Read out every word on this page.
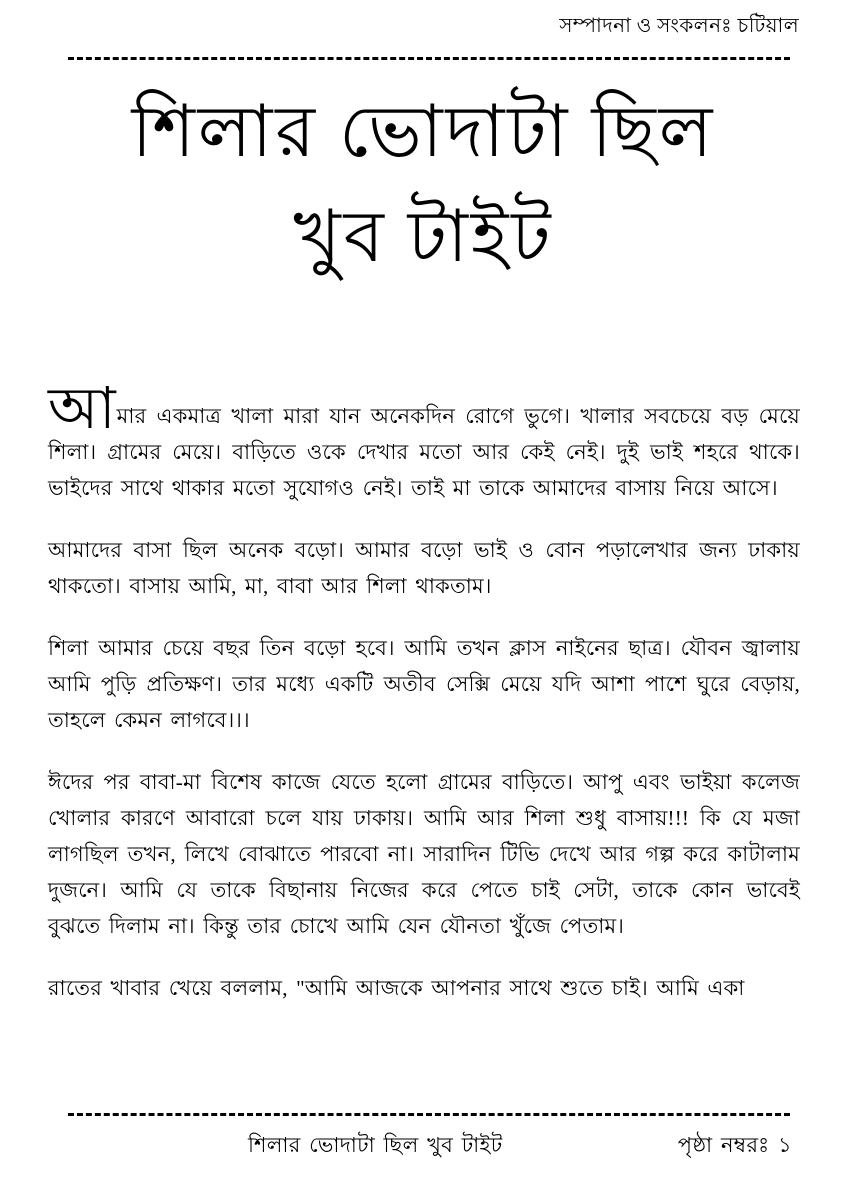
সম্পাদনা ও সংকলনঃ চটিয়াল
শিলার ভোদাটা ছিল
খুব টাইট

আমার একমাত্র খালা মারা যান অনেকদিন রোগে ভুগে। খালার সবচেয়ে বড় মেয়ে শিলা। গ্রামের মেয়ে। বাড়িতে ওকে দেখার মতো আর কেই নেই। দুই ভাই শহরে থাকে। ভাইদের সাথে থাকার মতো সুযোগও নেই। তাই মা তাকে আমাদের বাসায় নিয়ে আসে।

আমাদের বাসা ছিল অনেক বড়ো। আমার বড়ো ভাই ও বোন পড়ালেখার জন্য ঢাকায় থাকতো। বাসায় আমি, মা, বাবা আর শিলা থাকতাম।

শিলা আমার চেয়ে বছর তিন বড়ো হবে। আমি তখন ক্লাস নাইনের ছাত্র। যৌবন জ্বালায় আমি পুড়ি প্রতিক্ষণ। তার মধ্যে একটি অতীব সেক্সি মেয়ে যদি আশা পাশে ঘুরে বেড়ায়, তাহলে কেমন লাগবে।।।

ঈদের পর বাবা-মা বিশেষ কাজে যেতে হলো গ্রামের বাড়িতে। আপু এবং ভাইয়া কলেজ খোলার কারণে আবারো চলে যায় ঢাকায়। আমি আর শিলা শুধু বাসায়!!! কি যে মজা লাগছিল তখন, লিখে বোঝাতে পারবো না। সারাদিন টিভি দেখে আর গল্প করে কাটালাম দুজনে। আমি যে তাকে বিছানায় নিজের করে পেতে চাই সেটা, তাকে কোন ভাবেই বুঝতে দিলাম না। কিন্তু তার চোখে আমি যেন যৌনতা খুঁজে পেতাম।

রাতের খাবার খেয়ে বললাম, "আমি আজকে আপনার সাথে শুতে চাই। আমি একা

শিলার ভোদাটা ছিল খুব টাইট	পৃষ্ঠা নম্বরঃ ১
